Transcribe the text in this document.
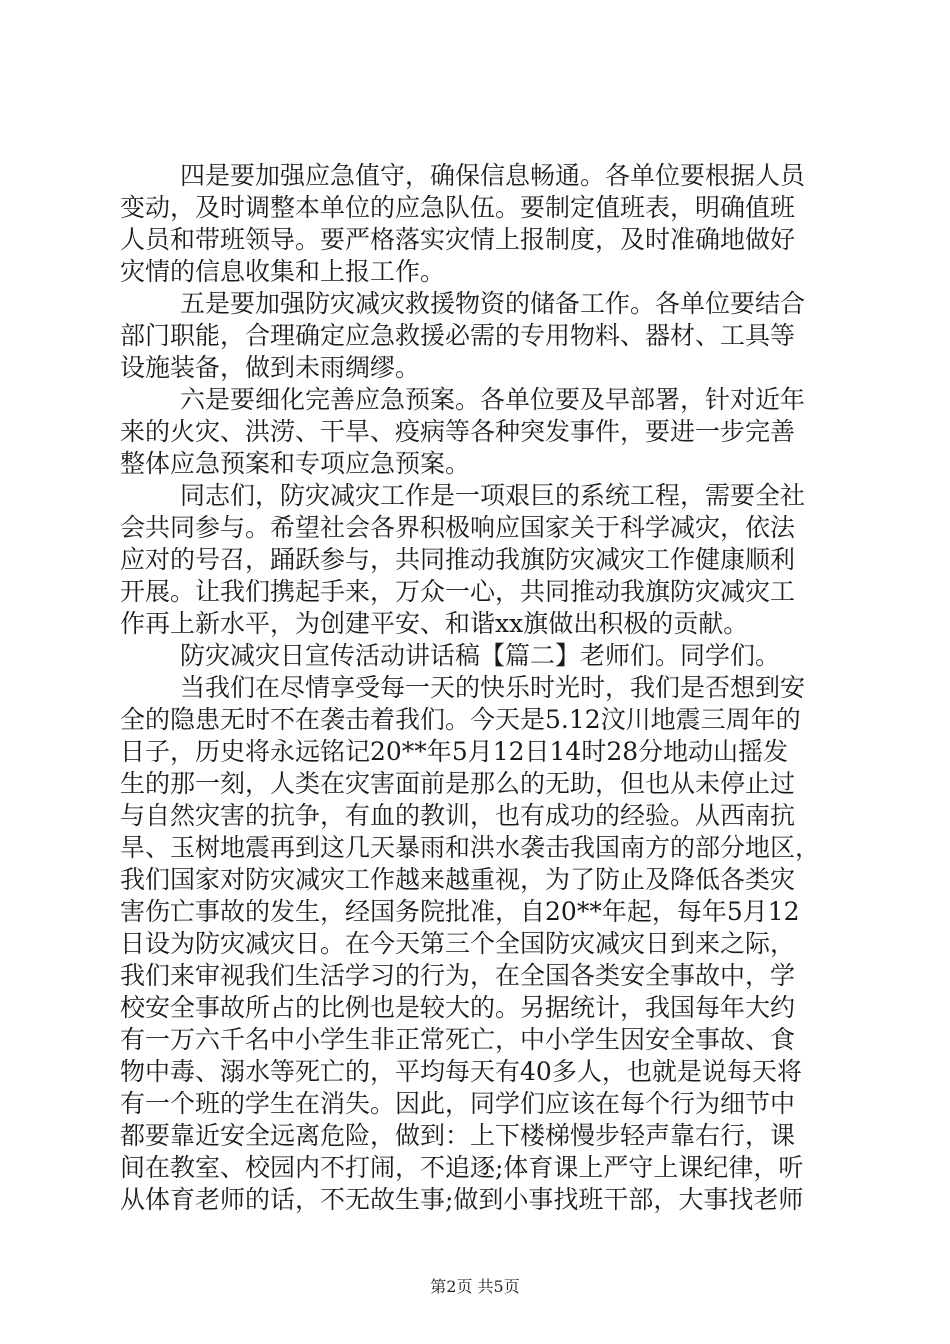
四是要加强应急值守，确保信息畅通。各单位要根据人员
变动，及时调整本单位的应急队伍。要制定值班表，明确值班
人员和带班领导。要严格落实灾情上报制度，及时准确地做好
灾情的信息收集和上报工作。
五是要加强防灾减灾救援物资的储备工作。各单位要结合
部门职能，合理确定应急救援必需的专用物料、器材、工具等
设施装备，做到未雨绸缪。
六是要细化完善应急预案。各单位要及早部署，针对近年
来的火灾、洪涝、干旱、疫病等各种突发事件，要进一步完善
整体应急预案和专项应急预案。
同志们，防灾减灾工作是一项艰巨的系统工程，需要全社
会共同参与。希望社会各界积极响应国家关于科学减灾，依法
应对的号召，踊跃参与，共同推动我旗防灾减灾工作健康顺利
开展。让我们携起手来，万众一心，共同推动我旗防灾减灾工
作再上新水平，为创建平安、和谐xx旗做出积极的贡献。
防灾减灾日宣传活动讲话稿【篇二】老师们。同学们。
当我们在尽情享受每一天的快乐时光时，我们是否想到安
全的隐患无时不在袭击着我们。今天是5.12汶川地震三周年的
日子，历史将永远铭记20**年5月12日14时28分地动山摇发
生的那一刻，人类在灾害面前是那么的无助，但也从未停止过
与自然灾害的抗争，有血的教训，也有成功的经验。从西南抗
旱、玉树地震再到这几天暴雨和洪水袭击我国南方的部分地区，
我们国家对防灾减灾工作越来越重视，为了防止及降低各类灾
害伤亡事故的发生，经国务院批准，自20**年起，每年5月12
日设为防灾减灾日。在今天第三个全国防灾减灾日到来之际，
我们来审视我们生活学习的行为，在全国各类安全事故中，学
校安全事故所占的比例也是较大的。另据统计，我国每年大约
有一万六千名中小学生非正常死亡，中小学生因安全事故、食
物中毒、溺水等死亡的，平均每天有40多人，也就是说每天将
有一个班的学生在消失。因此，同学们应该在每个行为细节中
都要靠近安全远离危险，做到：上下楼梯慢步轻声靠右行，课
间在教室、校园内不打闹，不追逐;体育课上严守上课纪律，听
从体育老师的话，不无故生事;做到小事找班干部，大事找老师
第2页 共5页
